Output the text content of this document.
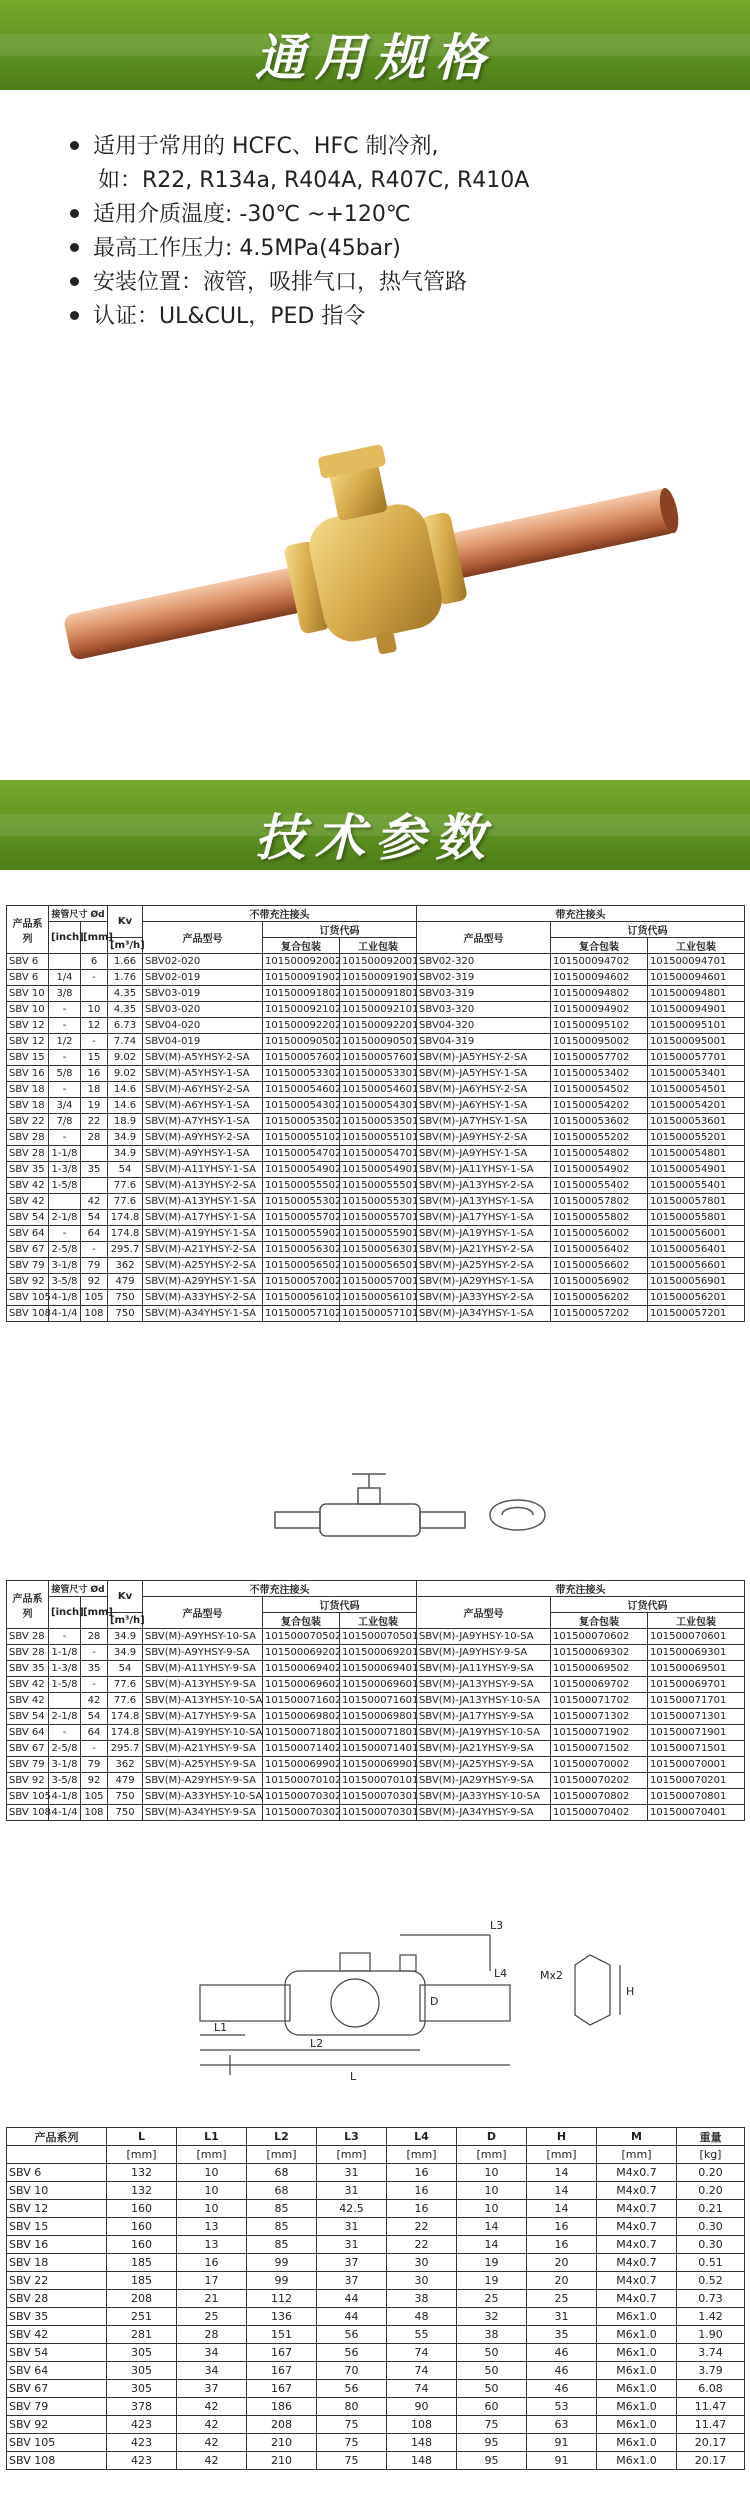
通用规格

适用于常用的 HCFC、HFC 制冷剂,

如：R22, R134a, R404A, R407C, R410A

适用介质温度: -30℃ ~+120℃

最高工作压力: 4.5MPa(45bar)

安装位置：液管，吸排气口，热气管路

认证：UL&CUL，PED 指令

技术参数
产品系列	接管尺寸 Ød		Kv	不带充注接头			带充注接头		
	[inch]	[mm]		产品型号	订货代码		产品型号	订货代码	
			[m³/h]		复合包装	工业包装		复合包装	工业包装
SBV 6		6	1.66	SBV02-020	101500092002	101500092001	SBV02-320	101500094702	101500094701
SBV 6	1/4	-	1.76	SBV02-019	101500091902	101500091901	SBV02-319	101500094602	101500094601
SBV 10	3/8		4.35	SBV03-019	101500091802	101500091801	SBV03-319	101500094802	101500094801
SBV 10	-	10	4.35	SBV03-020	101500092102	101500092101	SBV03-320	101500094902	101500094901
SBV 12	-	12	6.73	SBV04-020	101500092202	101500092201	SBV04-320	101500095102	101500095101
SBV 12	1/2	-	7.74	SBV04-019	101500090502	101500090501	SBV04-319	101500095002	101500095001
SBV 15	-	15	9.02	SBV(M)-A5YHSY-2-SA	101500057602	101500057601	SBV(M)-JA5YHSY-2-SA	101500057702	101500057701
SBV 16	5/8	16	9.02	SBV(M)-A5YHSY-1-SA	101500053302	101500053301	SBV(M)-JA5YHSY-1-SA	101500053402	101500053401
SBV 18	-	18	14.6	SBV(M)-A6YHSY-2-SA	101500054602	101500054601	SBV(M)-JA6YHSY-2-SA	101500054502	101500054501
SBV 18	3/4	19	14.6	SBV(M)-A6YHSY-1-SA	101500054302	101500054301	SBV(M)-JA6YHSY-1-SA	101500054202	101500054201
SBV 22	7/8	22	18.9	SBV(M)-A7YHSY-1-SA	101500053502	101500053501	SBV(M)-JA7YHSY-1-SA	101500053602	101500053601
SBV 28	-	28	34.9	SBV(M)-A9YHSY-2-SA	101500055102	101500055101	SBV(M)-JA9YHSY-2-SA	101500055202	101500055201
SBV 28	1-1/8		34.9	SBV(M)-A9YHSY-1-SA	101500054702	101500054701	SBV(M)-JA9YHSY-1-SA	101500054802	101500054801
SBV 35	1-3/8	35	54	SBV(M)-A11YHSY-1-SA	101500054902	101500054901	SBV(M)-JA11YHSY-1-SA	101500054902	101500054901
SBV 42	1-5/8		77.6	SBV(M)-A13YHSY-2-SA	101500055502	101500055501	SBV(M)-JA13YHSY-2-SA	101500055402	101500055401
SBV 42		42	77.6	SBV(M)-A13YHSY-1-SA	101500055302	101500055301	SBV(M)-JA13YHSY-1-SA	101500057802	101500057801
SBV 54	2-1/8	54	174.8	SBV(M)-A17YHSY-1-SA	101500055702	101500055701	SBV(M)-JA17YHSY-1-SA	101500055802	101500055801
SBV 64	-	64	174.8	SBV(M)-A19YHSY-1-SA	101500055902	101500055901	SBV(M)-JA19YHSY-1-SA	101500056002	101500056001
SBV 67	2-5/8	-	295.7	SBV(M)-A21YHSY-2-SA	101500056302	101500056301	SBV(M)-JA21YHSY-2-SA	101500056402	101500056401
SBV 79	3-1/8	79	362	SBV(M)-A25YHSY-2-SA	101500056502	101500056501	SBV(M)-JA25YHSY-2-SA	101500056602	101500056601
SBV 92	3-5/8	92	479	SBV(M)-A29YHSY-1-SA	101500057002	101500057001	SBV(M)-JA29YHSY-1-SA	101500056902	101500056901
SBV 105	4-1/8	105	750	SBV(M)-A33YHSY-2-SA	101500056102	101500056101	SBV(M)-JA33YHSY-2-SA	101500056202	101500056201
SBV 108	4-1/4	108	750	SBV(M)-A34YHSY-1-SA	101500057102	101500057101	SBV(M)-JA34YHSY-1-SA	101500057202	101500057201
产品系列	接管尺寸 Ød		Kv	不带充注接头			带充注接头		
	[inch]	[mm]		产品型号	订货代码		产品型号	订货代码	
			[m³/h]		复合包装	工业包装		复合包装	工业包装
SBV 28	-	28	34.9	SBV(M)-A9YHSY-10-SA	101500070502	101500070501	SBV(M)-JA9YHSY-10-SA	101500070602	101500070601
SBV 28	1-1/8	-	34.9	SBV(M)-A9YHSY-9-SA	101500069202	101500069201	SBV(M)-JA9YHSY-9-SA	101500069302	101500069301
SBV 35	1-3/8	35	54	SBV(M)-A11YHSY-9-SA	101500069402	101500069401	SBV(M)-JA11YHSY-9-SA	101500069502	101500069501
SBV 42	1-5/8	-	77.6	SBV(M)-A13YHSY-9-SA	101500069602	101500069601	SBV(M)-JA13YHSY-9-SA	101500069702	101500069701
SBV 42		42	77.6	SBV(M)-A13YHSY-10-SA	101500071602	101500071601	SBV(M)-JA13YHSY-10-SA	101500071702	101500071701
SBV 54	2-1/8	54	174.8	SBV(M)-A17YHSY-9-SA	101500069802	101500069801	SBV(M)-JA17YHSY-9-SA	101500071302	101500071301
SBV 64	-	64	174.8	SBV(M)-A19YHSY-10-SA	101500071802	101500071801	SBV(M)-JA19YHSY-10-SA	101500071902	101500071901
SBV 67	2-5/8	-	295.7	SBV(M)-A21YHSY-9-SA	101500071402	101500071401	SBV(M)-JA21YHSY-9-SA	101500071502	101500071501
SBV 79	3-1/8	79	362	SBV(M)-A25YHSY-9-SA	101500069902	101500069901	SBV(M)-JA25YHSY-9-SA	101500070002	101500070001
SBV 92	3-5/8	92	479	SBV(M)-A29YHSY-9-SA	101500070102	101500070101	SBV(M)-JA29YHSY-9-SA	101500070202	101500070201
SBV 105	4-1/8	105	750	SBV(M)-A33YHSY-10-SA	101500070302	101500070301	SBV(M)-JA33YHSY-10-SA	101500070802	101500070801
SBV 108	4-1/4	108	750	SBV(M)-A34YHSY-9-SA	101500070302	101500070301	SBV(M)-JA34YHSY-9-SA	101500070402	101500070401
L3
L4	Mx2
H
L1
L2
L
D
产品系列	L	L1	L2	L3	L4	D	H	M	重量
	[mm]	[mm]	[mm]	[mm]	[mm]	[mm]	[mm]	[mm]	[kg]
SBV 6	132	10	68	31	16	10	14	M4x0.7	0.20
SBV 10	132	10	68	31	16	10	14	M4x0.7	0.20
SBV 12	160	10	85	42.5	16	10	14	M4x0.7	0.21
SBV 15	160	13	85	31	22	14	16	M4x0.7	0.30
SBV 16	160	13	85	31	22	14	16	M4x0.7	0.30
SBV 18	185	16	99	37	30	19	20	M4x0.7	0.51
SBV 22	185	17	99	37	30	19	20	M4x0.7	0.52
SBV 28	208	21	112	44	38	25	25	M4x0.7	0.73
SBV 35	251	25	136	44	48	32	31	M6x1.0	1.42
SBV 42	281	28	151	56	55	38	35	M6x1.0	1.90
SBV 54	305	34	167	56	74	50	46	M6x1.0	3.74
SBV 64	305	34	167	70	74	50	46	M6x1.0	3.79
SBV 67	305	37	167	56	74	50	46	M6x1.0	6.08
SBV 79	378	42	186	80	90	60	53	M6x1.0	11.47
SBV 92	423	42	208	75	108	75	63	M6x1.0	11.47
SBV 105	423	42	210	75	148	95	91	M6x1.0	20.17
SBV 108	423	42	210	75	148	95	91	M6x1.0	20.17
